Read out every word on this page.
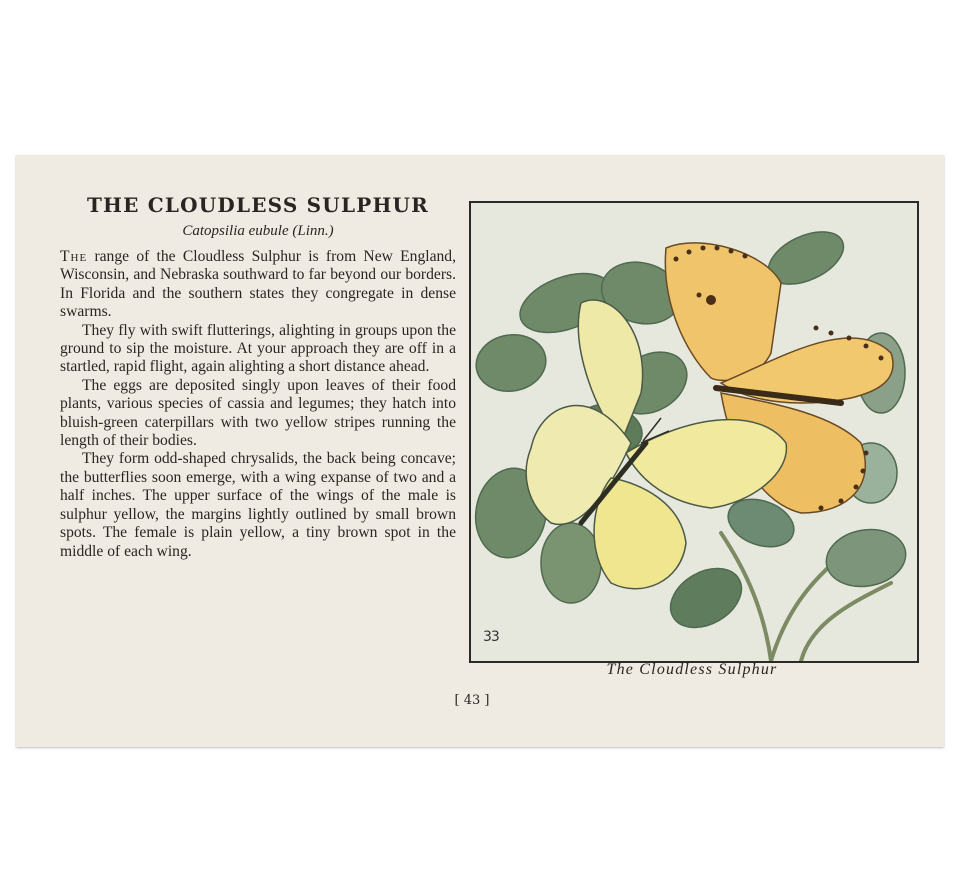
THE CLOUDLESS SULPHUR
Catopsilia eubule (Linn.)

The range of the Cloudless Sulphur is from New England, Wisconsin, and Nebraska southward to far beyond our borders. In Florida and the southern states they congregate in dense swarms.

They fly with swift flutterings, alighting in groups upon the ground to sip the moisture. At your approach they are off in a startled, rapid flight, again alighting a short distance ahead.

The eggs are deposited singly upon leaves of their food plants, various species of cassia and legumes; they hatch into bluish-green caterpillars with two yellow stripes running the length of their bodies.

They form odd-shaped chrysalids, the back being concave; the butterflies soon emerge, with a wing expanse of two and a half inches. The upper surface of the wings of the male is sulphur yellow, the margins lightly outlined by small brown spots. The female is plain yellow, a tiny brown spot in the middle of each wing.

33
The Cloudless Sulphur
[ 43 ]
